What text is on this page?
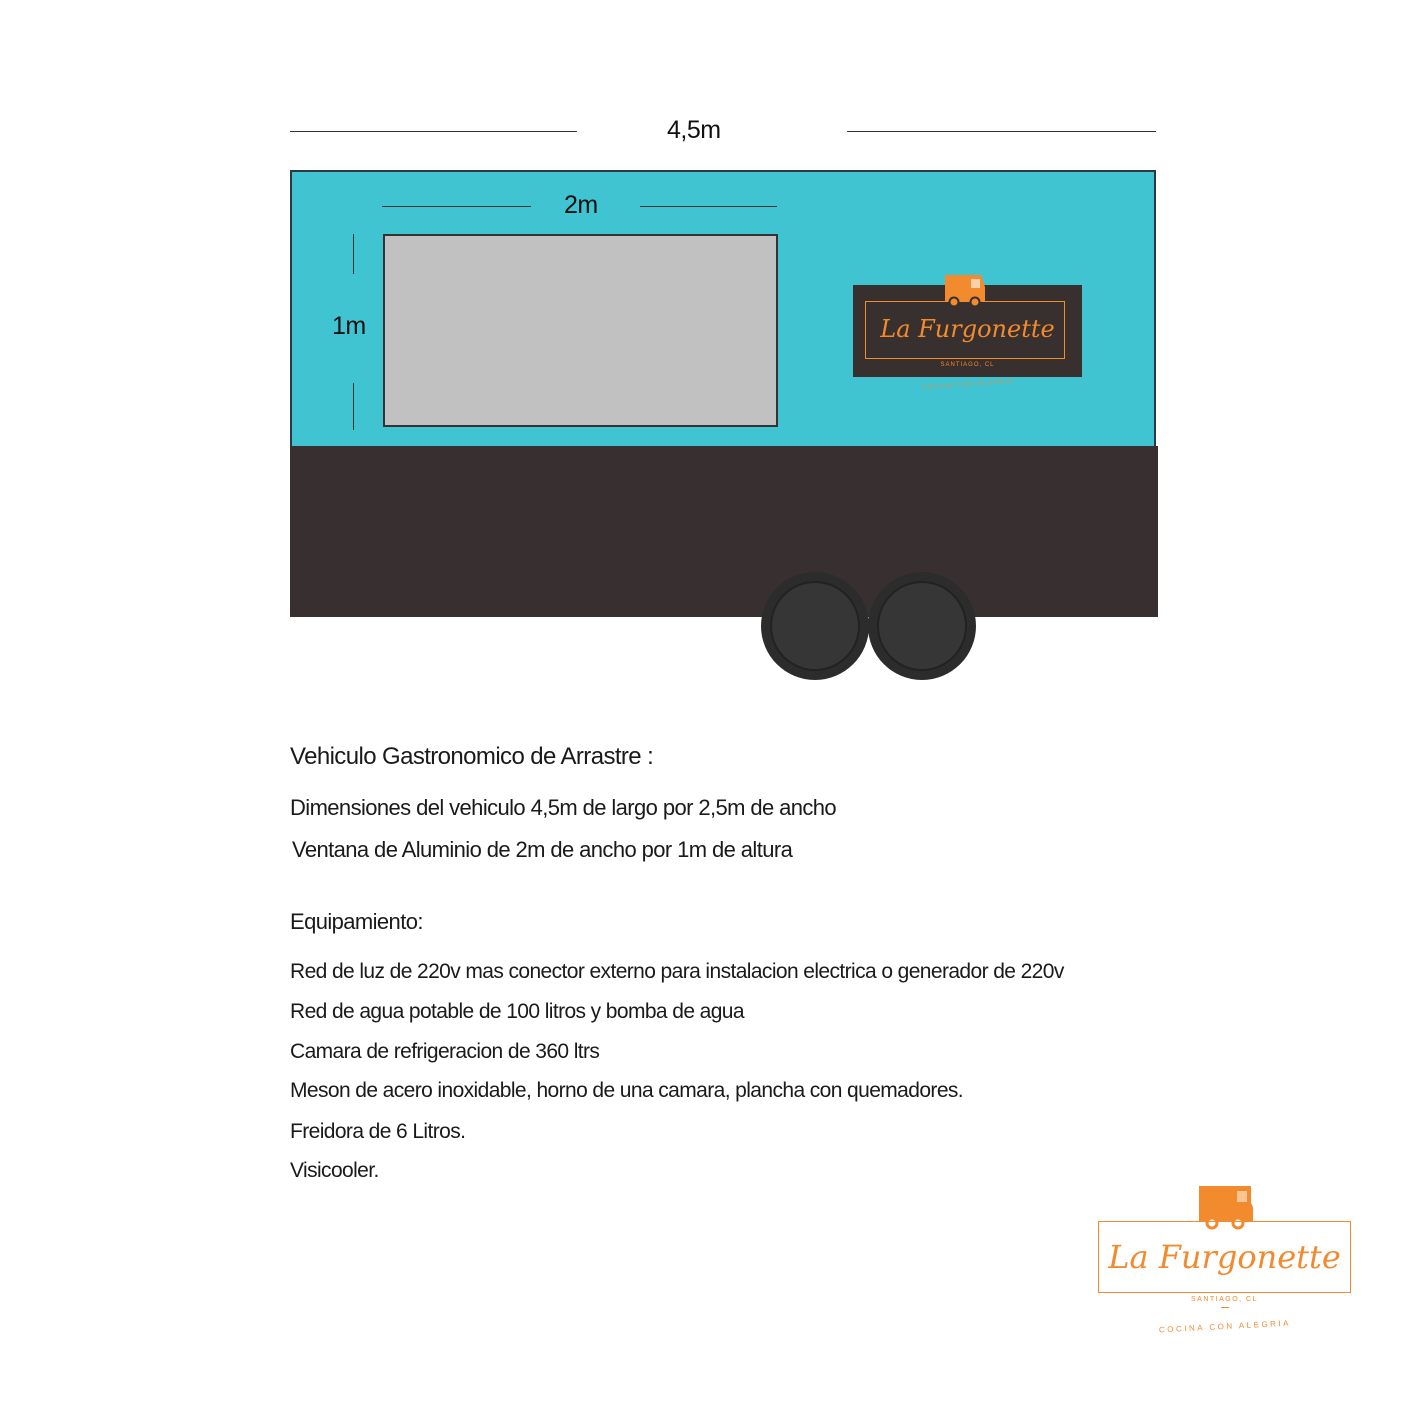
4,5m
2m
1m	La Furgonette
SANTIAGO, CL
COCINA CON ALEGRIA
Vehiculo Gastronomico de Arrastre :
Dimensiones del vehiculo 4,5m de largo por 2,5m de ancho
Ventana de Aluminio de 2m de ancho por 1m de altura
Equipamiento:
Red de luz de 220v mas conector externo para instalacion electrica o generador de 220v
Red de agua potable de 100 litros y bomba de agua
Camara de refrigeracion de 360 ltrs
Meson de acero inoxidable, horno de una camara, plancha con quemadores.
Freidora de 6 Litros.
Visicooler.
La Furgonette
SANTIAGO, CL
COCINA CON ALEGRIA
